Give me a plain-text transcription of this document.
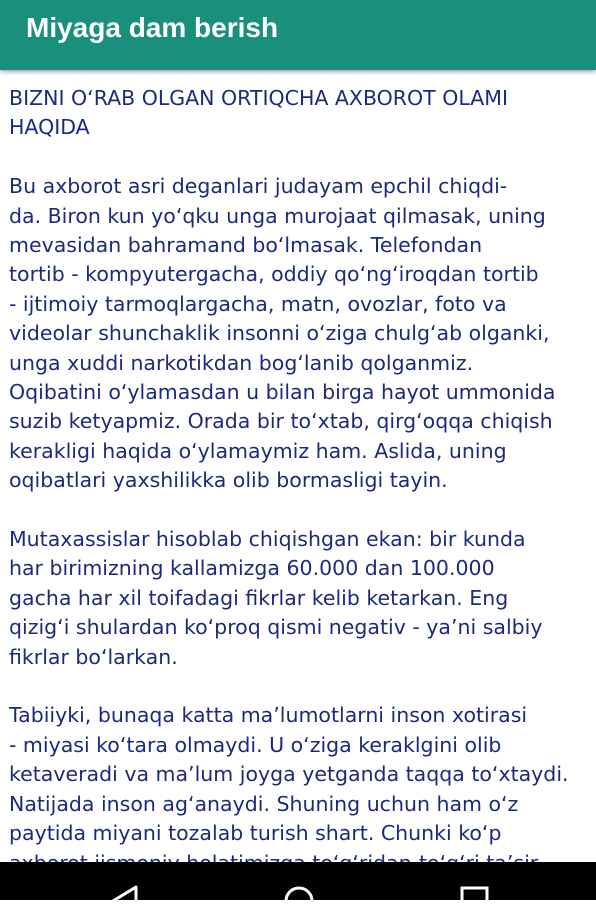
Miyaga dam berish
BIZNI O‘RAB OLGAN ORTIQCHA AXBOROT OLAMI
HAQIDA
Bu axborot asri deganlari judayam epchil chiqdi-
da. Biron kun yo‘qku unga murojaat qilmasak, uning
mevasidan bahramand bo‘lmasak. Telefondan
tortib - kompyutergacha, oddiy qo‘ng‘iroqdan tortib
- ijtimoiy tarmoqlargacha, matn, ovozlar, foto va
videolar shunchaklik insonni o‘ziga chulg‘ab olganki,
unga xuddi narkotikdan bog‘lanib qolganmiz.
Oqibatini o‘ylamasdan u bilan birga hayot ummonida
suzib ketyapmiz. Orada bir to‘xtab, qirg‘oqqa chiqish
kerakligi haqida o‘ylamaymiz ham. Aslida, uning
oqibatlari yaxshilikka olib bormasligi tayin.
Mutaxassislar hisoblab chiqishgan ekan: bir kunda
har birimizning kallamizga 60.000 dan 100.000
gacha har xil toifadagi fikrlar kelib ketarkan. Eng
qizig‘i shulardan ko‘proq qismi negativ - ya’ni salbiy
fikrlar bo‘larkan.
Tabiiyki, bunaqa katta ma’lumotlarni inson xotirasi
- miyasi ko‘tara olmaydi. U o‘ziga keraklgini olib
ketaveradi va ma’lum joyga yetganda taqqa to‘xtaydi.
Natijada inson ag‘anaydi. Shuning uchun ham o‘z
paytida miyani tozalab turish shart. Chunki ko‘p
